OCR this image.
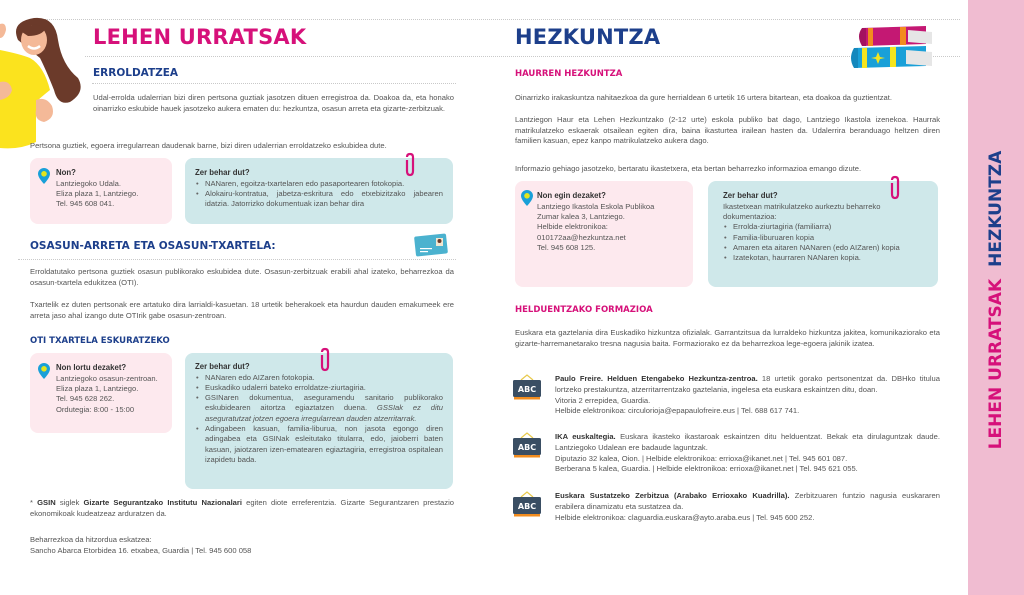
LEHEN URRATSAK
ERROLDATZEA
Udal-errolda udalerrian bizi diren pertsona guztiak jasotzen dituen erregistroa da. Doakoa da, eta honako oinarrizko eskubide hauek jasotzeko aukera ematen du: hezkuntza, osasun arreta eta gizarte-zerbitzuak.
Pertsona guztiek, egoera irregularrean daudenak barne, bizi diren udalerrian erroldatzeko eskubidea dute.
Non?
Lantziegoko Udala.
Eliza plaza 1, Lantziego.
Tel. 945 608 041.
Zer behar dut?
• NANaren, egoitza-txartelaren edo pasaportearen fotokopia.
• Alokairu-kontratua, jabetza-eskritura edo etxebizitzako jabearen idatzia. Jatorrizko dokumentuak izan behar dira
OSASUN-ARRETA ETA OSASUN-TXARTELA:
Erroldatutako pertsona guztiek osasun publikorako eskubidea dute. Osasun-zerbitzuak erabili ahal izateko, beharrezkoa da osasun-txartela edukitzea (OTI).
Txartelik ez duten pertsonak ere artatuko dira larrialdi-kasuetan. 18 urtetik beherakoek eta haurdun dauden emakumeek ere arreta jaso ahal izango dute OTIrik gabe osasun-zentroan.
OTI TXARTELA ESKURATZEKO
Non lortu dezaket?
Lantziegoko osasun-zentroan.
Eliza plaza 1, Lantziego.
Tel. 945 628 262.
Ordutegia: 8:00 - 15:00
Zer behar dut?
• NANaren edo AIZaren fotokopia.
• Euskadiko udalerri bateko erroldatze-ziurtagiria.
• GSINaren dokumentua, aseguramendu sanitario publikorako eskubidearen aitortza egiaztatzen duena. GSSIak ez ditu aseguratutzat jotzen egoera irregularrean dauden atzerritarrak.
• Adingabeen kasuan, familia-liburua, non jasota egongo diren adingabea eta GSINak esleitutako titularra, edo, jaioberri baten kasuan, jaiotzaren izen-ematearen egiaztagiria, erregistroa ospitalean izapidetu bada.
* GSIN siglek Gizarte Segurantzako Institutu Nazionalari egiten diote erreferentzia. Gizarte Segurantzaren prestazio ekonomikoak kudeatzeaz arduratzen da.
Beharrezkoa da hitzordua eskatzea:
Sancho Abarca Etorbidea 16. etxabea, Guardia | Tel. 945 600 058
HEZKUNTZA
HAURREN HEZKUNTZA
Oinarrizko irakaskuntza nahitaezkoa da gure herrialdean 6 urtetik 16 urtera bitartean, eta doakoa da guztientzat.
Lantziegon Haur eta Lehen Hezkuntzako (2-12 urte) eskola publiko bat dago, Lantziego Ikastola izenekoa. Haurrak matrikulatzeko eskaerak otsailean egiten dira, baina ikasturtea irailean hasten da. Udalerrira beranduago heltzen diren familien kasuan, epez kanpo matrikulatzeko aukera dago.
Informazio gehiago jasotzeko, bertaratu ikastetxera, eta bertan beharrezko informazioa emango dizute.
Non egin dezaket?
Lantziego Ikastola Eskola Publikoa
Zumar kalea 3, Lantziego.
Helbide elektronikoa:
010172aa@hezkuntza.net
Tel. 945 608 125.
Zer behar dut?
Ikastetxean matrikulatzeko aurkeztu beharreko dokumentazioa:
• Errolda-ziurtagiria (familiarra)
• Familia-liburuaren kopia
• Amaren eta aitaren NANaren (edo AIZaren) kopia
• Izatekotan, haurraren NANaren kopia.
HELDUENTZAKO FORMAZIOA
Euskara eta gaztelania dira Euskadiko hizkuntza ofizialak. Garrantzitsua da lurraldeko hizkuntza jakitea, komunikaziorako eta gizarte-harremanetarako tresna nagusia baita. Formaziorako ez da beharrezkoa lege-egoera jakinik izatea.
ABC
Paulo Freire. Helduen Etengabeko Hezkuntza-zentroa. 18 urtetik gorako pertsonentzat da. DBHko titulua lortzeko prestakuntza, atzerritarrentzako gaztelania, ingelesa eta euskara eskaintzen ditu, doan.
Vitoria 2 errepidea, Guardia.
Helbide elektronikoa: circulorioja@epapaulofreire.eus | Tel. 688 617 741.
ABC
IKA euskaltegia. Euskara ikasteko ikastaroak eskaintzen ditu helduentzat. Bekak eta dirulaguntzak daude. Lantziegoko Udalean ere badaude laguntzak.
Diputazio 32 kalea, Oion. | Helbide elektronikoa: errioxa@ikanet.net | Tel. 945 601 087.
Berberana 5 kalea, Guardia. | Helbide elektronikoa: errioxa@ikanet.net | Tel. 945 621 055.
ABC
Euskara Sustatzeko Zerbitzua (Arabako Errioxako Kuadrilla). Zerbitzuaren funtzio nagusia euskararen erabilera dinamizatu eta sustatzea da.
Helbide elektronikoa: claguardia.euskara@ayto.araba.eus | Tel. 945 600 252.
LEHEN URRATSAKHEZKUNTZA
